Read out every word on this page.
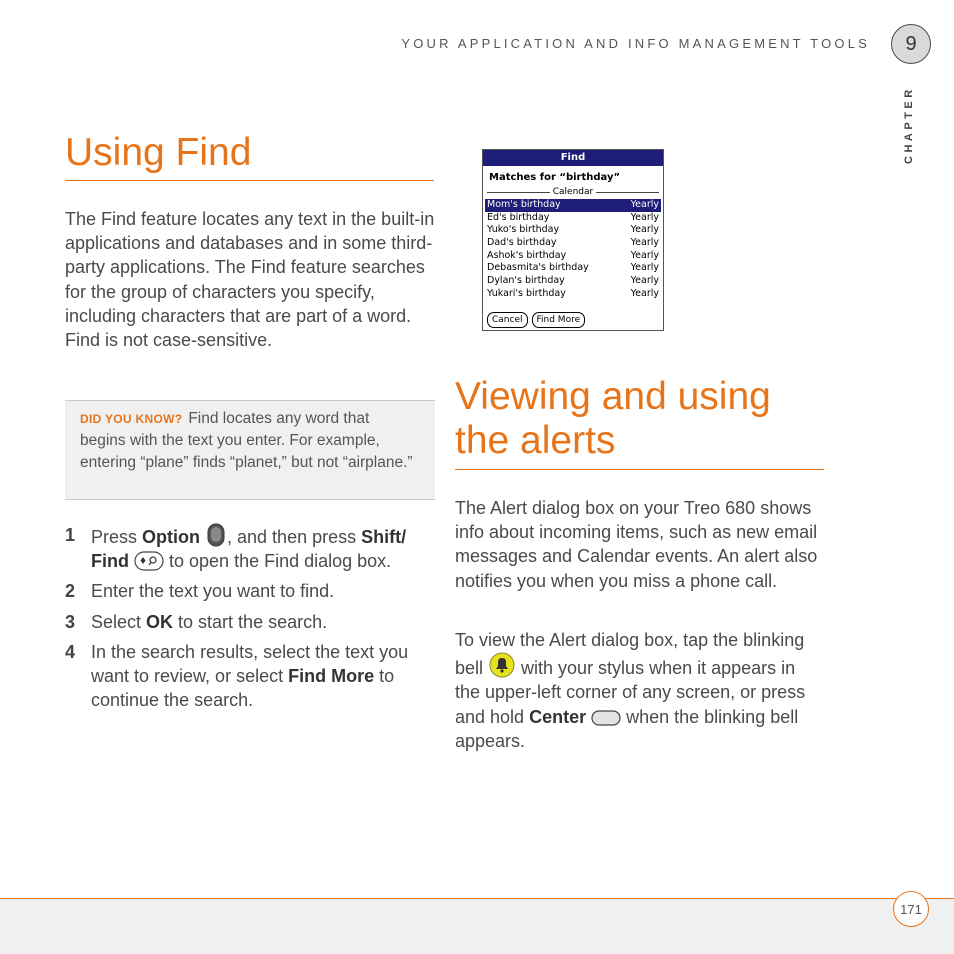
YOUR APPLICATION AND INFO MANAGEMENT TOOLS 9
CHAPTER
Using Find

The Find feature locates any text in the built-in applications and databases and in some third-party applications. The Find feature searches for the group of characters you specify, including characters that are part of a word. Find is not case-sensitive.

DID YOU KNOW? Find locates any word that begins with the text you enter. For example, entering “plane” finds “planet,” but not “airplane.”
1 Press Option , and then press Shift/ Find  to open the Find dialog box.
2 Enter the text you want to find.
3 Select OK to start the search.
4 In the search results, select the text you want to review, or select Find More to continue the search.
Find
Matches for “birthday”
Calendar
Mom's birthday	Yearly
Ed's birthday	Yearly
Yuko's birthday	Yearly
Dad's birthday	Yearly
Ashok's birthday	Yearly
Debasmita's birthday	Yearly
Dylan's birthday	Yearly
Yukari's birthday	Yearly
Cancel	Find More
Viewing and using
the alerts

The Alert dialog box on your Treo 680 shows info about incoming items, such as new email messages and Calendar events. An alert also notifies you when you miss a phone call.

To view the Alert dialog box, tap the blinking bell  with your stylus when it appears in the upper-left corner of any screen, or press and hold Center  when the blinking bell appears.

171
